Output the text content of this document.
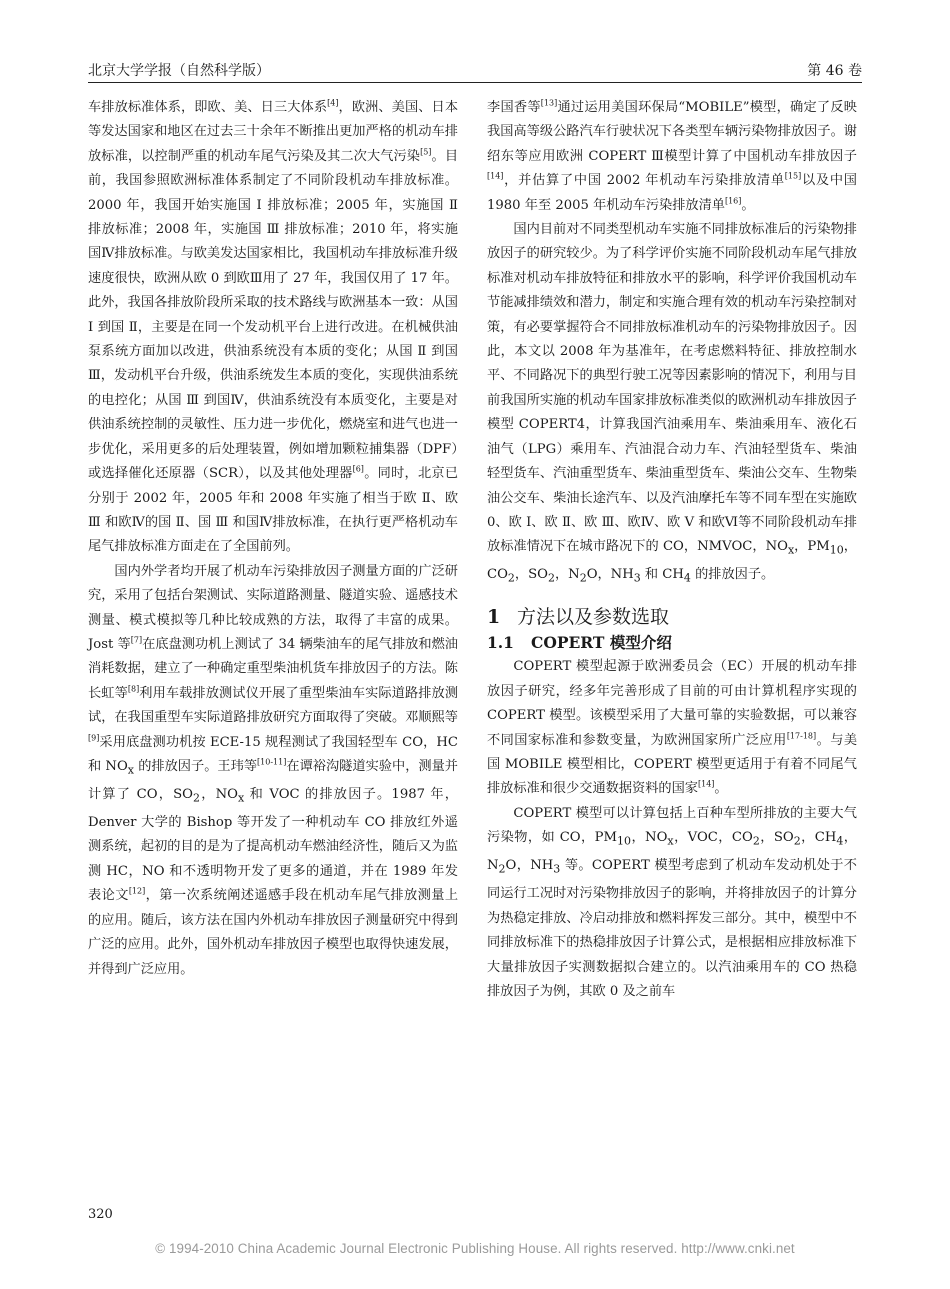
北京大学学报（自然科学版）	第 46 卷

车排放标准体系，即欧、美、日三大体系[4]，欧洲、美国、日本等发达国家和地区在过去三十余年不断推出更加严格的机动车排放标准，以控制严重的机动车尾气污染及其二次大气污染[5]。目前，我国参照欧洲标准体系制定了不同阶段机动车排放标准。2000 年，我国开始实施国 Ⅰ 排放标准；2005 年，实施国 Ⅱ 排放标准；2008 年，实施国 Ⅲ 排放标准；2010 年，将实施国Ⅳ排放标准。与欧美发达国家相比，我国机动车排放标准升级速度很快，欧洲从欧 0 到欧Ⅲ用了 27 年，我国仅用了 17 年。此外，我国各排放阶段所采取的技术路线与欧洲基本一致：从国 Ⅰ 到国 Ⅱ，主要是在同一个发动机平台上进行改进。在机械供油泵系统方面加以改进，供油系统没有本质的变化；从国 Ⅱ 到国 Ⅲ，发动机平台升级，供油系统发生本质的变化，实现供油系统的电控化；从国 Ⅲ 到国Ⅳ，供油系统没有本质变化，主要是对供油系统控制的灵敏性、压力进一步优化，燃烧室和进气也进一步优化，采用更多的后处理装置，例如增加颗粒捕集器（DPF）或选择催化还原器（SCR），以及其他处理器[6]。同时，北京已分别于 2002 年，2005 年和 2008 年实施了相当于欧 Ⅱ、欧 Ⅲ 和欧Ⅳ的国 Ⅱ、国 Ⅲ 和国Ⅳ排放标准，在执行更严格机动车尾气排放标准方面走在了全国前列。

国内外学者均开展了机动车污染排放因子测量方面的广泛研究，采用了包括台架测试、实际道路测量、隧道实验、遥感技术测量、模式模拟等几种比较成熟的方法，取得了丰富的成果。Jost 等[7]在底盘测功机上测试了 34 辆柴油车的尾气排放和燃油消耗数据，建立了一种确定重型柴油机货车排放因子的方法。陈长虹等[8]利用车载排放测试仪开展了重型柴油车实际道路排放测试，在我国重型车实际道路排放研究方面取得了突破。邓顺熙等[9]采用底盘测功机按 ECE-15 规程测试了我国轻型车 CO，HC 和 $NO_x$ 的排放因子。王玮等[10-11]在谭裕沟隧道实验中，测量并计算了 CO，$SO_2$，$NO_x$ 和 VOC 的排放因子。1987 年，Denver 大学的 Bishop 等开发了一种机动车 CO 排放红外遥测系统，起初的目的是为了提高机动车燃油经济性，随后又为监测 HC，NO 和不透明物开发了更多的通道，并在 1989 年发表论文[12]，第一次系统阐述遥感手段在机动车尾气排放测量上的应用。随后，该方法在国内外机动车排放因子测量研究中得到广泛的应用。此外，国外机动车排放因子模型也取得快速发展，并得到广泛应用。

李国香等[13]通过运用美国环保局“MOBILE”模型，确定了反映我国高等级公路汽车行驶状况下各类型车辆污染物排放因子。谢绍东等应用欧洲 COPERT Ⅲ模型计算了中国机动车排放因子[14]，并估算了中国 2002 年机动车污染排放清单[15]以及中国 1980 年至 2005 年机动车污染排放清单[16]。

国内目前对不同类型机动车实施不同排放标准后的污染物排放因子的研究较少。为了科学评价实施不同阶段机动车尾气排放标准对机动车排放特征和排放水平的影响，科学评价我国机动车节能减排绩效和潜力，制定和实施合理有效的机动车污染控制对策，有必要掌握符合不同排放标准机动车的污染物排放因子。因此，本文以 2008 年为基准年，在考虑燃料特征、排放控制水平、不同路况下的典型行驶工况等因素影响的情况下，利用与目前我国所实施的机动车国家排放标准类似的欧洲机动车排放因子模型 COPERT4，计算我国汽油乘用车、柴油乘用车、液化石油气（LPG）乘用车、汽油混合动力车、汽油轻型货车、柴油轻型货车、汽油重型货车、柴油重型货车、柴油公交车、生物柴油公交车、柴油长途汽车、以及汽油摩托车等不同车型在实施欧 0、欧 Ⅰ、欧 Ⅱ、欧 Ⅲ、欧Ⅳ、欧 Ⅴ 和欧Ⅵ等不同阶段机动车排放标准情况下在城市路况下的 CO，NMVOC，$NO_x$，$PM_{10}$，$CO_2$，$SO_2$，$N_2O$，$NH_3$ 和 $CH_4$ 的排放因子。

1 方法以及参数选取
1.1 COPERT 模型介绍

COPERT 模型起源于欧洲委员会（EC）开展的机动车排放因子研究，经多年完善形成了目前的可由计算机程序实现的 COPERT 模型。该模型采用了大量可靠的实验数据，可以兼容不同国家标准和参数变量，为欧洲国家所广泛应用[17-18]。与美国 MOBILE 模型相比，COPERT 模型更适用于有着不同尾气排放标准和很少交通数据资料的国家[14]。

COPERT 模型可以计算包括上百种车型所排放的主要大气污染物，如 CO，$PM_{10}$，$NO_x$，VOC，$CO_2$，$SO_2$，$CH_4$，$N_2O$，$NH_3$ 等。COPERT 模型考虑到了机动车发动机处于不同运行工况时对污染物排放因子的影响，并将排放因子的计算分为热稳定排放、冷启动排放和燃料挥发三部分。其中，模型中不同排放标准下的热稳排放因子计算公式，是根据相应排放标准下大量排放因子实测数据拟合建立的。以汽油乘用车的 CO 热稳排放因子为例，其欧 0 及之前车

320
© 1994-2010 China Academic Journal Electronic Publishing House. All rights reserved. http://www.cnki.net
